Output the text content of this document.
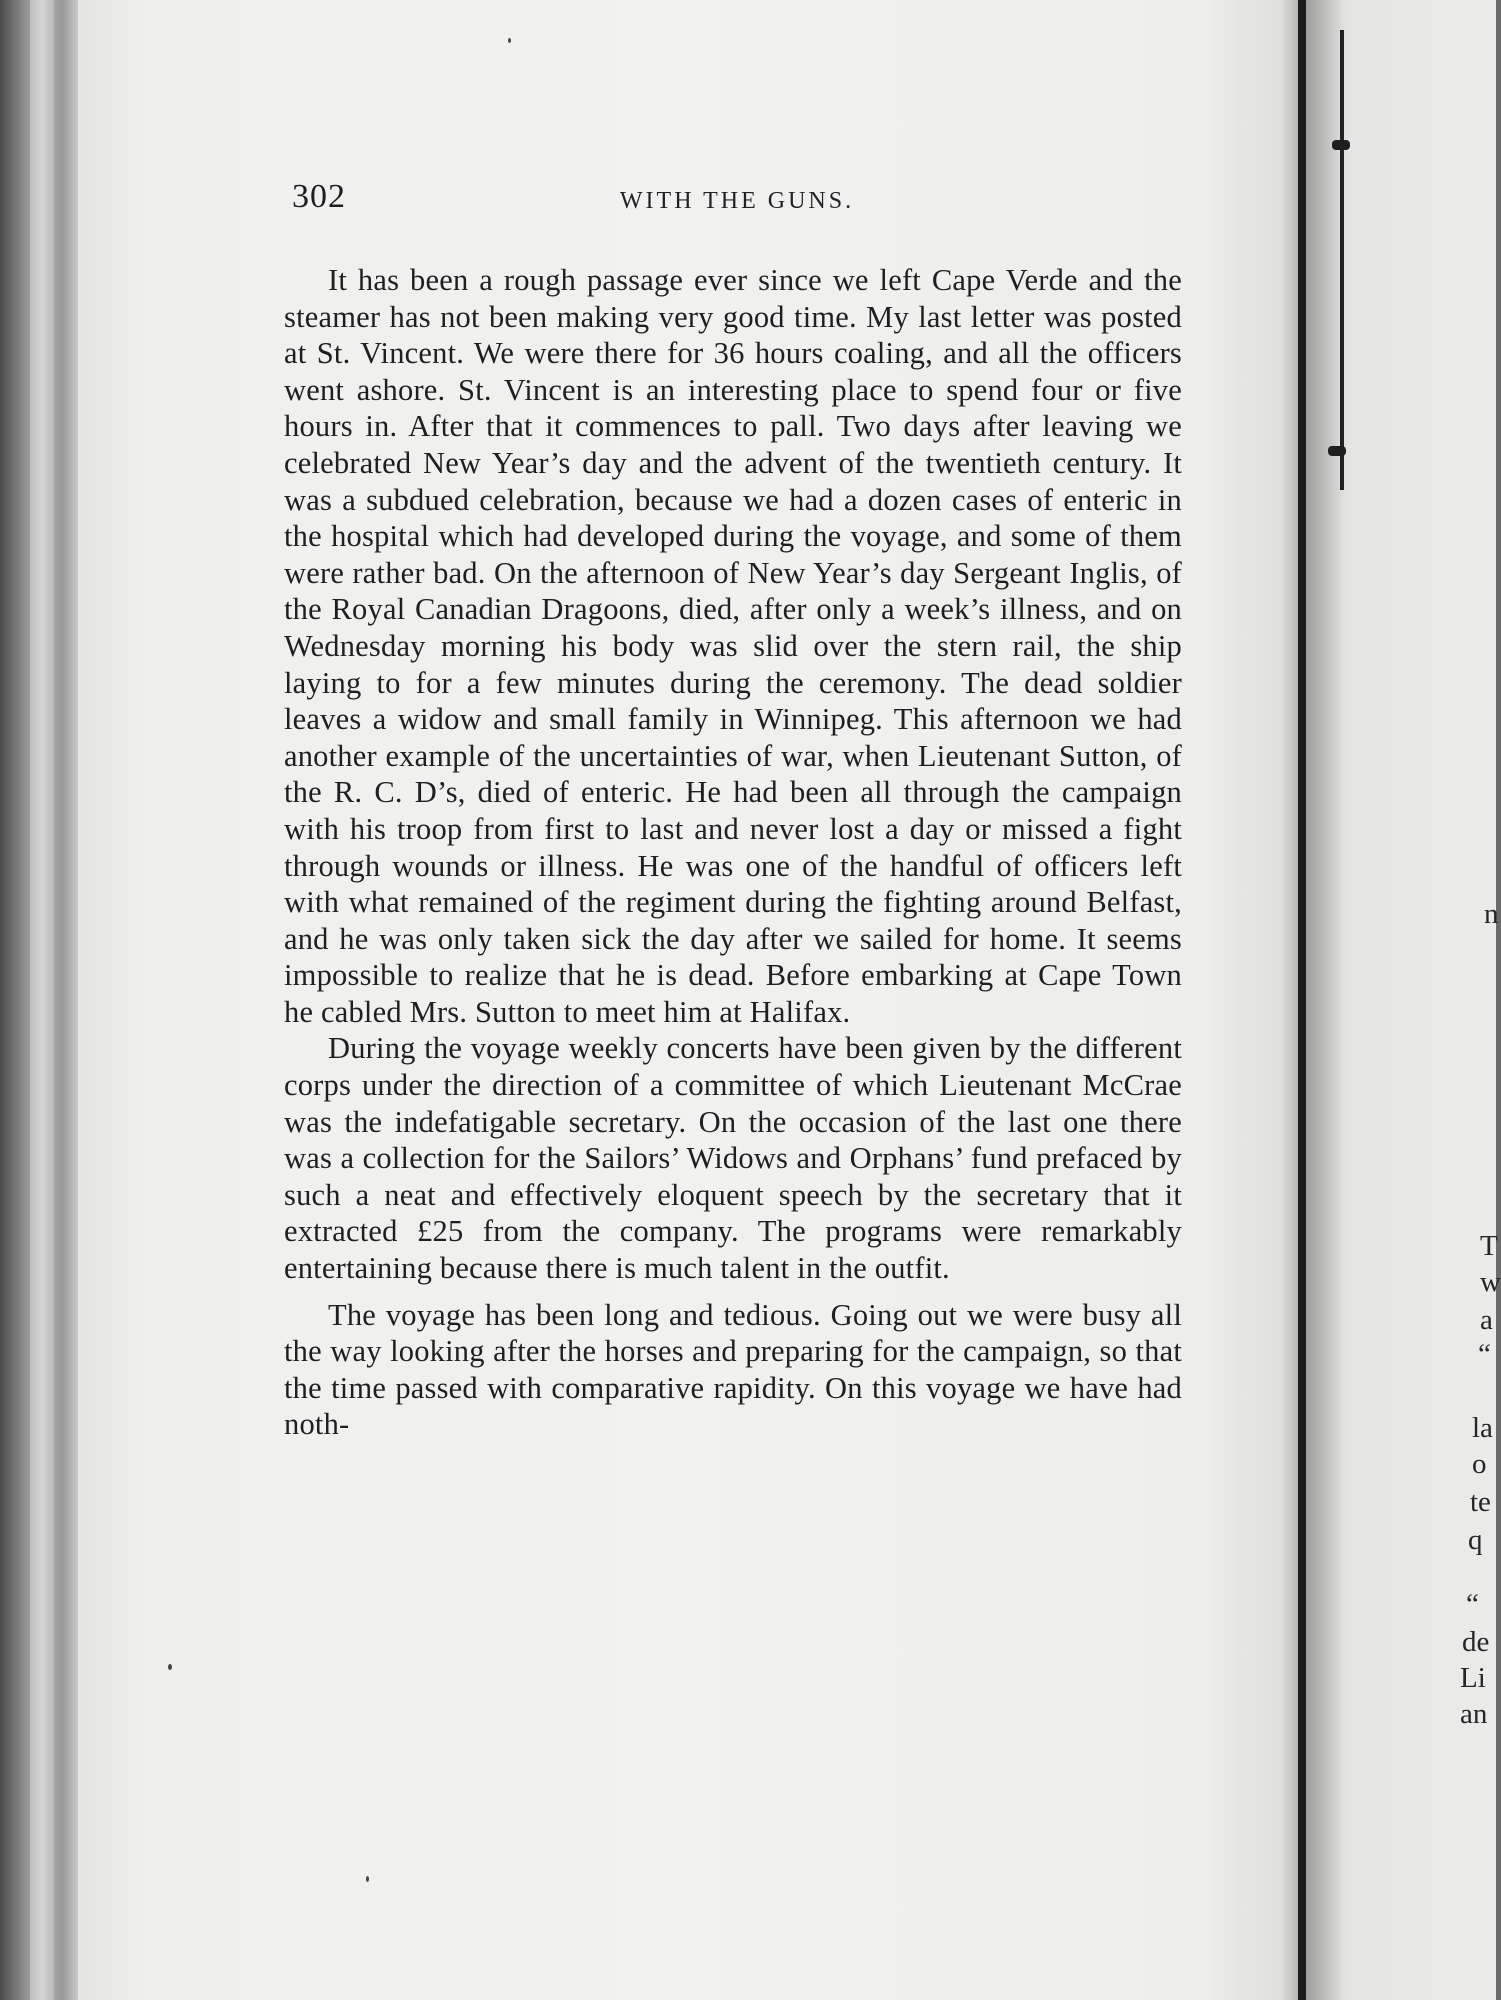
n
T
w
a
“
la
o
te
q
“
de
Li
an
302	WITH THE GUNS.

It has been a rough passage ever since we left Cape Verde and the steamer has not been making very good time. My last letter was posted at St. Vincent. We were there for 36 hours coaling, and all the officers went ashore. St. Vincent is an interesting place to spend four or five hours in. After that it commences to pall. Two days after leaving we celebrated New Year’s day and the advent of the twentieth century. It was a subdued celebration, because we had a dozen cases of enteric in the hospital which had developed during the voyage, and some of them were rather bad. On the afternoon of New Year’s day Sergeant Inglis, of the Royal Canadian Dragoons, died, after only a week’s illness, and on Wednesday morning his body was slid over the stern rail, the ship laying to for a few minutes during the ceremony. The dead soldier leaves a widow and small family in Winnipeg. This afternoon we had another example of the uncertainties of war, when Lieutenant Sutton, of the R. C. D’s, died of enteric. He had been all through the campaign with his troop from first to last and never lost a day or missed a fight through wounds or illness. He was one of the handful of officers left with what remained of the regiment during the fighting around Belfast, and he was only taken sick the day after we sailed for home. It seems impossible to realize that he is dead. Before embarking at Cape Town he cabled Mrs. Sutton to meet him at Halifax.

During the voyage weekly concerts have been given by the different corps under the direction of a committee of which Lieutenant McCrae was the indefatigable secretary. On the occasion of the last one there was a collection for the Sailors’ Widows and Orphans’ fund prefaced by such a neat and effectively eloquent speech by the secretary that it extracted £25 from the company. The programs were remarkably entertaining because there is much talent in the outfit.

The voyage has been long and tedious. Going out we were busy all the way looking after the horses and preparing for the campaign, so that the time passed with comparative rapidity. On this voyage we have had noth-
